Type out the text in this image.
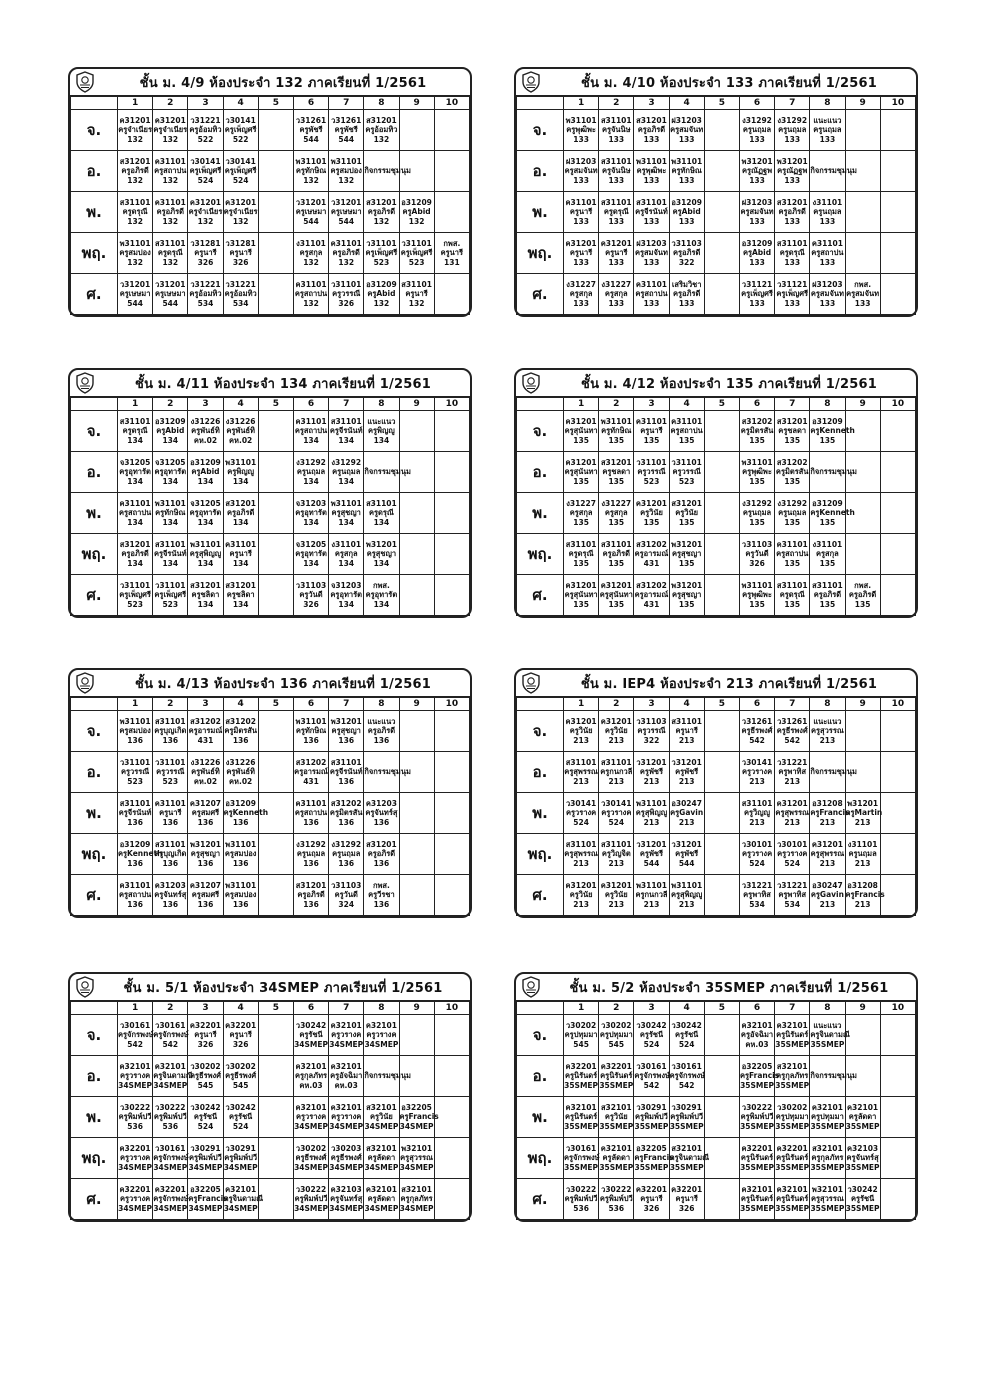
ชั้น ม. 4/9 ห้องประจำ 132 ภาคเรียนที่ 1/2561
	1	2	3	4	5	6	7	8	9	10
จ.	ค31201
ครูจำเนียร
132	ค31201
ครูจำเนียร
132	ว31221
ครูอ้อมทิว
522	ว30141
ครูเพ็ญศรี
522		ว31261
ครูพัชรี
544	ว31261
ครูพัชรี
544	ส31201
ครูอ้อมทิว
132		

อ.	ส31201
ครูอภิรดี
132	ค31101
ครูสถาปน
132	ว30141
ครูเพ็ญศรี
524	ว30141
ครูเพ็ญศรี
524		พ31101
ครูทักษิณ
132	พ31101
ครูสมปอง
132	กิจกรรมชุมนุม		

พ.	ส31101
ครูดรุณี
132	ค31101
ครูอภิรดี
132	ค31201
ครูจำเนียร
132	ค31201
ครูจำเนียร
132		ว31201
ครูเษษมา
544	ว31201
ครูเษษมา
544	ส31201
ครูอภิรดี
132	อ31209
ครูAbid
132	

พฤ.	พ31101
ครูสมปอง
132	ส31101
ครูดรุณี
132	ว31281
ครูนารี
326	ว31281
ครูนารี
326		ง31101
ครูสกุล
132	ค31101
ครูอภิรดี
132	ว31101
ครูเพ็ญศรี
523	ว31101
ครูเพ็ญศรี
523	กพส.
ครูนารี
131

ศ.	ว31201
ครูเษษมา
544	ว31201
ครูเษษมา
544	ว31221
ครูอ้อมทิว
534	ว31221
ครูอ้อมทิว
534		ค31101
ครูสถาปน
132	ว31101
ครูวรรณี
326	อ31209
ครูAbid
132	ส31101
ครูนารี
132	

ชั้น ม. 4/10 ห้องประจำ 133 ภาคเรียนที่ 1/2561
	1	2	3	4	5	6	7	8	9	10
จ.	พ31101
ครูพุฒิพะ
133	ส31101
ครูจันนิษ
133	ส31201
ครูอภิรดี
133	ฝ31203
ครูสมจันท
133		ง31292
ครูนฤมล
133	ง31292
ครูนฤมล
133	แนะแนว
ครูนฤมล
133		

อ.	ฝ31203
ครูสมจันท
133	ส31101
ครูจันนิษ
133	พ31101
ครูพุฒิพะ
133	พ31101
ครูทักษิณ
133		พ31201
ครูณัฏฐพ
133	พ31201
ครูณัฏฐพ
133	กิจกรรมชุมนุม		

พ.	ค31101
ครูนารี
133	ส31101
ครูดรุณี
133	ส31101
ครูจีรนันท์
133	อ31209
ครูAbid
133		ฝ31203
ครูสมจันท
133	ส31201
ครูอภิรดี
133	ง31101
ครูนฤมล
133		

พฤ.	ค31201
ครูนารี
133	ค31201
ครูนารี
133	ฝ31203
ครูสมจันท
133	ว31103
ครูอภิรดี
322		อ31209
ครูAbid
133	ส31101
ครูดรุณี
133	ค31101
ครูสถาปน
133		

ศ.	ง31227
ครูสกุล
133	ง31227
ครูสกุล
133	ค31101
ครูสถาปน
133	เสริมวิชา
ครูอภิรดี
133		ว31121
ครูเพ็ญศรี
133	ว31121
ครูเพ็ญศรี
133	ฝ31203
ครูสมจันท
133	กพส.
ครูสมจันท
133	

ชั้น ม. 4/11 ห้องประจำ 134 ภาคเรียนที่ 1/2561
	1	2	3	4	5	6	7	8	9	10
จ.	ส31101
ครูดรุณี
134	อ31209
ครูAbid
134	ง31226
ครูพันธ์ทิ
คห.02	ง31226
ครูพันธ์ทิ
คห.02		ค31101
ครูสถาปน
134	ส31101
ครูจีรนันท์
134	แนะแนว
ครูพิญญู
134		

อ.	จ31205
ครูอุทารัต
134	จ31205
ครูอุทารัต
134	อ31209
ครูAbid
134	พ31101
ครูพิญญู
134		ง31292
ครูนฤมล
134	ง31292
ครูนฤมล
134	กิจกรรมชุมนุม		

พ.	ค31101
ครูสถาปน
134	พ31101
ครูทักษิณ
134	จ31205
ครูอุทารัต
134	ส31201
ครูอภิรดี
134		จ31203
ครูอุทารัต
134	พ31101
ครูสุชญา
134	ส31101
ครูดรุณี
134		

พฤ.	ส31201
ครูอภิรดี
134	ส31101
ครูจีรนันท์
134	พ31101
ครูสุพิญญู
134	ค31101
ครูนารี
134		จ31205
ครูอุทารัต
134	ง31101
ครูสกุล
134	พ31201
ครูสุชญา
134		

ศ.	ว31101
ครูเพ็ญศรี
523	ว31101
ครูเพ็ญศรี
523	ส31201
ครูชลิดา
134	ส31201
ครูชลิดา
134		ว31103
ครูวันดี
326	จ31203
ครูอุทารัต
134	กพส.
ครูอุทารัต
134		

ชั้น ม. 4/12 ห้องประจำ 135 ภาคเรียนที่ 1/2561
	1	2	3	4	5	6	7	8	9	10
จ.	ค31201
ครูสุนันทา
135	พ31101
ครูทักษิณ
135	ค31101
ครูนารี
135	ค31101
ครูสถาปน
135		ส31202
ครูมิตรสัน
135	ส31201
ครูชลดา
135	อ31209
ครูKenneth
135		

อ.	ค31201
ครูสุนันทา
135	ส31201
ครูชลดา
135	ว31101
ครูวรรณี
523	ว31101
ครูวรรณี
523		พ31101
ครูพุฒิพะ
135	ส31202
ครูมิตรสัน
135	กิจกรรมชุมนุม		

พ.	ง31227
ครูสกุล
135	ง31227
ครูสกุล
135	ค31201
ครูวินัย
135	ส31201
ครูวินัย
135		ง31292
ครูนฤมล
135	ง31292
ครูนฤมล
135	อ31209
ครูKenneth
135		

พฤ.	ส31101
ครูดรุณี
135	ส31101
ครูอภิรดี
135	ส31202
ครูอารมณ์
431	พ31201
ครูสุชญา
135		ว31103
ครูวันดี
326	ค31101
ครูสถาปน
135	ง31101
ครูสกุล
135		

ศ.	ค31201
ครูสุนันทา
135	ค31201
ครูสุนันทา
135	ส31202
ครูอารมณ์
431	พ31201
ครูสุชญา
135		พ31101
ครูพุฒิพะ
135	ส31101
ครูดรุณี
135	ส31101
ครูอภิรดี
135	กพส.
ครูอภิรดี
135	

ชั้น ม. 4/13 ห้องประจำ 136 ภาคเรียนที่ 1/2561
	1	2	3	4	5	6	7	8	9	10
จ.	พ31101
ครูสมปอง
136	ส31101
ครูบุญเกิด
136	ส31202
ครูอารมณ์
431	ส31202
ครูมิตรสัน
136		พ31101
ครูทักษิณ
136	พ31201
ครูสุชญา
136	แนะแนว
ครูอภิรดี
136		

อ.	ว31101
ครูวรรณี
523	ว31101
ครูวรรณี
523	ง31226
ครูพันธ์ทิ
คห.02	ง31226
ครูพันธ์ทิ
คห.02		ส31202
ครูอารมณ์
431	ส31101
ครูจีรนันท์
136	กิจกรรมชุมนุม		

พ.	ส31101
ครูจีรนันท์
136	ค31101
ครูนารี
136	ค31207
ครูสมศรี
136	อ31209
ครูKenneth
136		ค31101
ครูสถาปน
136	ส31202
ครูมิตรสัน
136	ค31203
ครูจันทร์สุ
136		

พฤ.	อ31209
ครูKenneth
136	ส31101
ครูบุญเกิด
136	พ31201
ครูสุชญา
136	พ31101
ครูสมปอง
136		ง31292
ครูนฤมล
136	ง31292
ครูนฤมล
136	ส31201
ครูอภิรดี
136		

ศ.	ค31101
ครูสถาปน
136	ค31203
ครูจันทร์สุ
136	ค31207
ครูสมศรี
136	พ31101
ครูสมปอง
136		ส31201
ครูอภิรดี
136	ว31103
ครูวันดี
324	กพส.
ครูวีรชา
136		

ชั้น ม. IEP4 ห้องประจำ 213 ภาคเรียนที่ 1/2561
	1	2	3	4	5	6	7	8	9	10
จ.	ค31201
ครูวินัย
213	ค31201
ครูวินัย
213	ว31103
ครูวรรณี
322	ส31101
ครูนารี
213		ว31261
ครูธีรพงศ์
542	ว31261
ครูธีรพงศ์
542	แนะแนว
ครูสุวรรณ
213		

อ.	ส31101
ครูสุพรรณ
213	ส31101
ครูกนกวลี
213	ว31201
ครูพัชรี
213	ว31201
ครูพัชรี
213		ว30141
ครูวรางค
213	ว31221
ครูพาทิส
213	กิจกรรมชุมนุม		

พ.	ว30141
ครูวรางค
524	ว30141
ครูวรางค
524	พ31101
ครูสุพิญญู
213	อ30247
ครูGavin
213		ส31101
ครูวิญญู
213	ค31201
ครูสุพรรณ
213	อ31208
ครูFrancis
213	พ31201
ครูMartin
213	

พฤ.	ส31101
ครูสุพรรณ
213	ส31101
ครูวิญจิต
213	ว31201
ครูพัชรี
544	ว31201
ครูพัชรี
544		ว30101
ครูวรางค
524	ว30101
ครูวรางค
524	ค31201
ครูสุพรรณ
213	ง31101
ครูนฤมล
213	

ศ.	ค31201
ครูวินัย
213	ค31201
ครูวินัย
213	พ31101
ครูกนกวลี
213	พ31101
ครูสุพิญญู
213		ว31221
ครูพาทิส
534	ว31221
ครูพาทิส
534	อ30247
ครูGavin
213	อ31208
ครูFrancis
213	

ชั้น ม. 5/1 ห้องประจำ 34SMEP ภาคเรียนที่ 1/2561
	1	2	3	4	5	6	7	8	9	10
จ.	ว30161
ครูจักรพงษ์
542	ว30161
ครูจักรพงษ์
542	ค32201
ครูนารี
326	ค32201
ครูนารี
326		ว30242
ครูรัชนี
34SMEP	ค32101
ครูวรางค
34SMEP	ค32101
ครูวรางค
34SMEP		

อ.	ค32101
ครูวรางค
34SMEP	ค32101
ครูจินดามณี
34SMEP	ว30202
ครูธีรพงศ์
545	ว30202
ครูธีรพงศ์
545		ค32101
ครูกุลภัทร
คห.03	ค32101
ครูอัจฉิมา
คห.03	กิจกรรมชุมนุม		

พ.	ว30222
ครูพิมพ์ปวี
536	ว30222
ครูพิมพ์ปวี
536	ว30242
ครูรัชนี
524	ว30242
ครูรัชนี
524		ค32101
ครูวรางค
34SMEP	ค32101
ครูวรางค
34SMEP	ส32101
ครูวินัย
34SMEP	อ32205
ครูFrancis
34SMEP	

พฤ.	ค32201
ครูวรางค
34SMEP	ว30161
ครูจักรพงษ์
34SMEP	ว30291
ครูพิมพ์ปวี
34SMEP	ว30291
ครูพิมพ์ปวี
34SMEP		ว30202
ครูธีรพงศ์
34SMEP	ว30203
ครูธีรพงศ์
34SMEP	ส32101
ครูลัดดา
34SMEP	พ32101
ครูสุวรรณ
34SMEP	

ศ.	ค32201
ครูวรางค
34SMEP	ค32201
ครูจักรพงษ์
34SMEP	อ32205
ครูFrancis
34SMEP	ค32101
ครูจินดามณี
34SMEP		ว30222
ครูพิมพ์ปวี
34SMEP	ค32103
ครูจันทร์สุ
34SMEP	ค32101
ครูลัดดา
34SMEP	ส32101
ครูกุลภัทร
34SMEP	

ชั้น ม. 5/2 ห้องประจำ 35SMEP ภาคเรียนที่ 1/2561
	1	2	3	4	5	6	7	8	9	10
จ.	ว30202
ครูปทุมมา
545	ว30202
ครูปทุมมา
545	ว30242
ครูรัชนี
524	ว30242
ครูรัชนี
524		ค32101
ครูอัจฉิมา
คห.03	ค32101
ครูนิรันดร์
35SMEP	แนะแนว
ครูจินดามณี
35SMEP		

อ.	ค32201
ครูนิรันดร์
35SMEP	ค32201
ครูนิรันดร์
35SMEP	ว30161
ครูจักรพงษ์
542	ว30161
ครูจักรพงษ์
542		อ32205
ครูFrancis
35SMEP	ส32101
ครูกุลภัทร
35SMEP	กิจกรรมชุมนุม		

พ.	ค32101
ครูนิรันดร์
35SMEP	ส32101
ครูวินัย
35SMEP	ว30291
ครูพิมพ์ปวี
35SMEP	ว30291
ครูพิมพ์ปวี
35SMEP		ว30222
ครูพิมพ์ปวี
35SMEP	ว30202
ครูปทุมมา
35SMEP	ค32101
ครูปทุมมา
35SMEP	ค32101
ครูลัดดา
35SMEP	

พฤ.	ว30161
ครูจักรพงษ์
35SMEP	ค32101
ครูลัดดา
35SMEP	อ32205
ครูFrancis
35SMEP	ส32101
ครูจินดามณี
35SMEP		ค32201
ครูนิรันดร์
35SMEP	ค32201
ครูนิรันดร์
35SMEP	ส32101
ครูกุลภัทร
35SMEP	ค32103
ครูจันทร์สุ
35SMEP	

ศ.	ว30222
ครูพิมพ์ปวี
536	ว30222
ครูพิมพ์ปวี
536	ค32201
ครูนารี
326	ค32201
ครูนารี
326		ค32101
ครูนิรันดร์
35SMEP	ค32101
ครูนิรันดร์
35SMEP	พ32101
ครูสุวรรณ
35SMEP	ว30242
ครูรัชนี
35SMEP	
